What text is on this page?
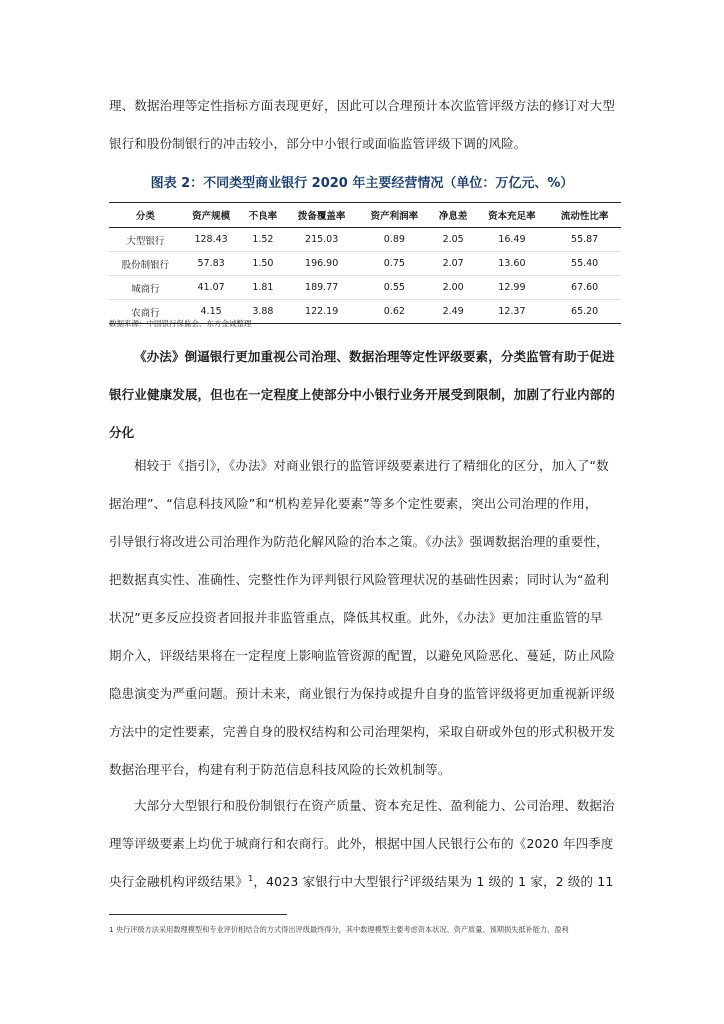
理、数据治理等定性指标方面表现更好，因此可以合理预计本次监管评级方法的修订对大型
银行和股份制银行的冲击较小，部分中小银行或面临监管评级下调的风险。
图表 2：不同类型商业银行 2020 年主要经营情况（单位：万亿元、%）
分类	资产规模	不良率	拨备覆盖率	资产利润率	净息差	资本充足率	流动性比率
大型银行	128.43	1.52	215.03	0.89	2.05	16.49	55.87
股份制银行	57.83	1.50	196.90	0.75	2.07	13.60	55.40
城商行	41.07	1.81	189.77	0.55	2.00	12.99	67.60
农商行	4.15	3.88	122.19	0.62	2.49	12.37	65.20
数据来源：中国银行保监会、东方金诚整理
《办法》倒逼银行更加重视公司治理、数据治理等定性评级要素，分类监管有助于促进
银行业健康发展，但也在一定程度上使部分中小银行业务开展受到限制，加剧了行业内部的
分化
相较于《指引》，《办法》对商业银行的监管评级要素进行了精细化的区分，加入了“数
据治理”、“信息科技风险”和“机构差异化要素”等多个定性要素，突出公司治理的作用，
引导银行将改进公司治理作为防范化解风险的治本之策。《办法》强调数据治理的重要性，
把数据真实性、准确性、完整性作为评判银行风险管理状况的基础性因素；同时认为“盈利
状况”更多反应投资者回报并非监管重点，降低其权重。此外，《办法》更加注重监管的早
期介入，评级结果将在一定程度上影响监管资源的配置，以避免风险恶化、蔓延，防止风险
隐患演变为严重问题。预计未来，商业银行为保持或提升自身的监管评级将更加重视新评级
方法中的定性要素，完善自身的股权结构和公司治理架构，采取自研或外包的形式积极开发
数据治理平台，构建有利于防范信息科技风险的长效机制等。
大部分大型银行和股份制银行在资产质量、资本充足性、盈利能力、公司治理、数据治
理等评级要素上均优于城商行和农商行。此外，根据中国人民银行公布的《2020 年四季度
央行金融机构评级结果》$^1$，4023 家银行中大型银行$^2$评级结果为 1 级的 1 家，2 级的 11
1 央行评级方法采用数理模型和专业评价相结合的方式得出评级最终得分，其中数理模型主要考虑资本状况、资产质量、预期损失抵补能力、盈利
